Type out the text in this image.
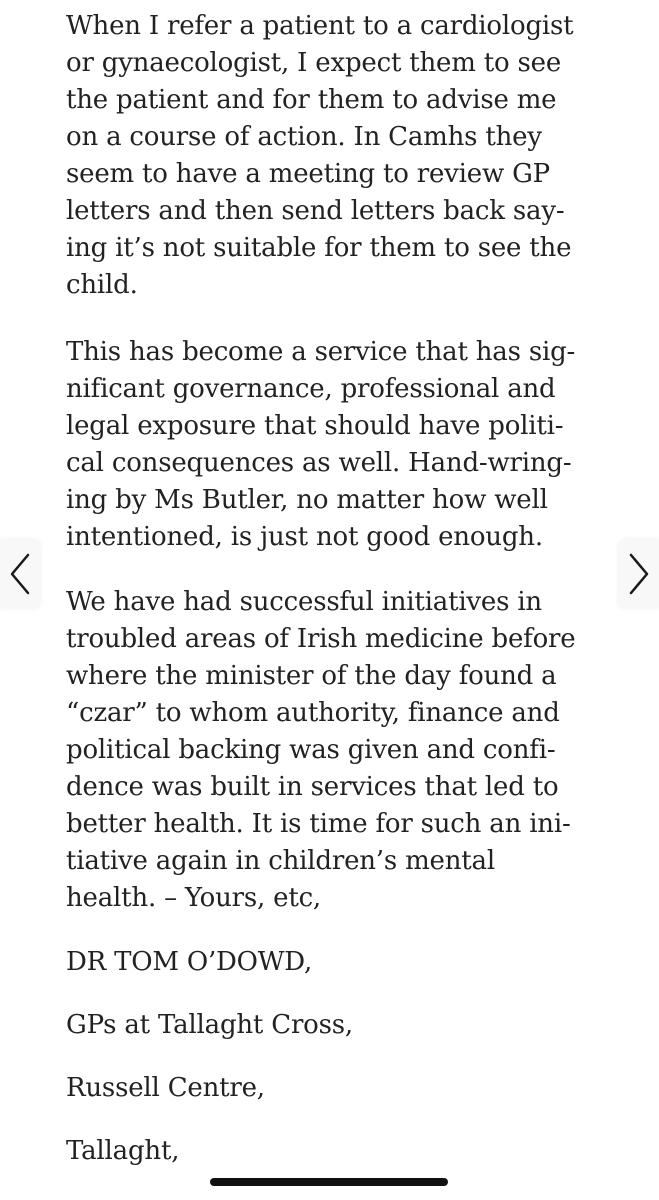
When I refer a patient to a cardiologist
or gynaecologist, I expect them to see
the patient and for them to advise me
on a course of action. In Camhs they
seem to have a meeting to review GP
letters and then send letters back say-
ing it’s not suitable for them to see the
child.
This has become a service that has sig-
nificant governance, professional and
legal exposure that should have politi-
cal consequences as well. Hand-wring-
ing by Ms Butler, no matter how well
intentioned, is just not good enough.
We have had successful initiatives in
troubled areas of Irish medicine before
where the minister of the day found a
“czar” to whom authority, finance and
political backing was given and confi-
dence was built in services that led to
better health. It is time for such an ini-
tiative again in children’s mental
health. – Yours, etc,
DR TOM O’DOWD,
GPs at Tallaght Cross,
Russell Centre,
Tallaght,
